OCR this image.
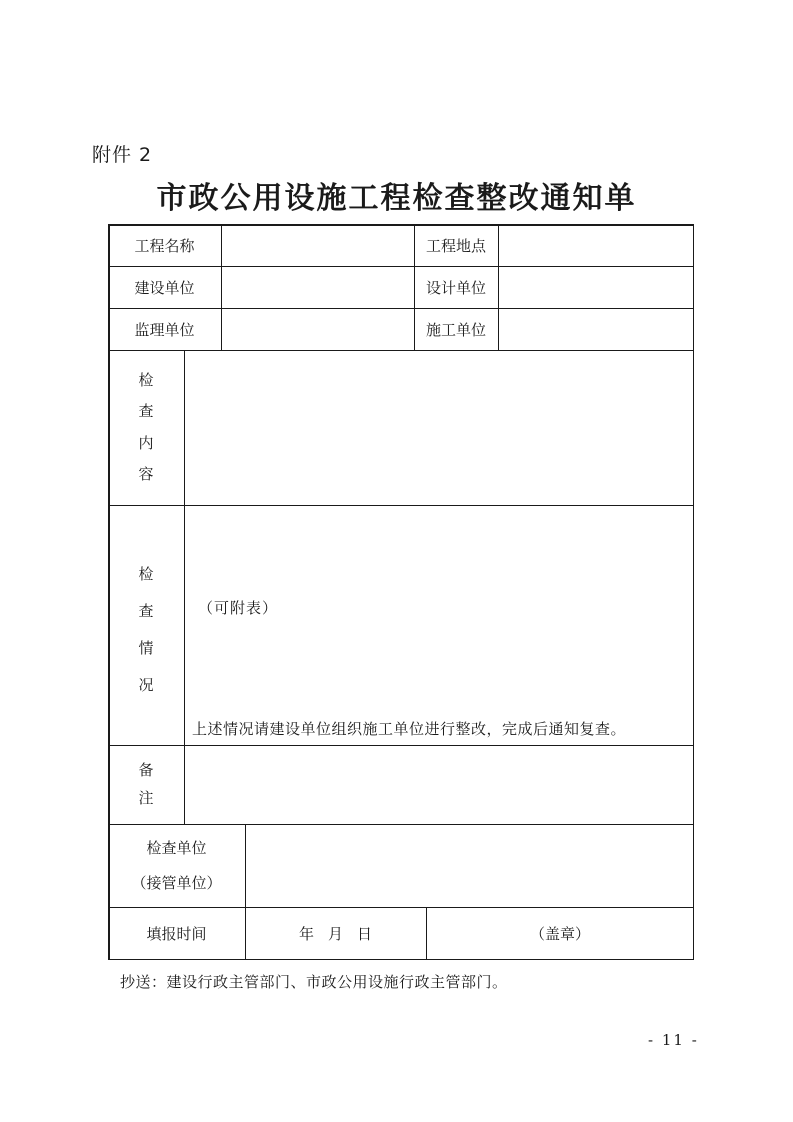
附件 2
市政公用设施工程检查整改通知单
工程名称	工程地点
建设单位	设计单位
监理单位	施工单位
检
查
内
容
检
查
情
况
备
注
检查单位
（接管单位）
填报时间	年 月 日	（盖章）
（可附表）
上述情况请建设单位组织施工单位进行整改，完成后通知复查。
抄送：建设行政主管部门、市政公用设施行政主管部门。
- 11 -
